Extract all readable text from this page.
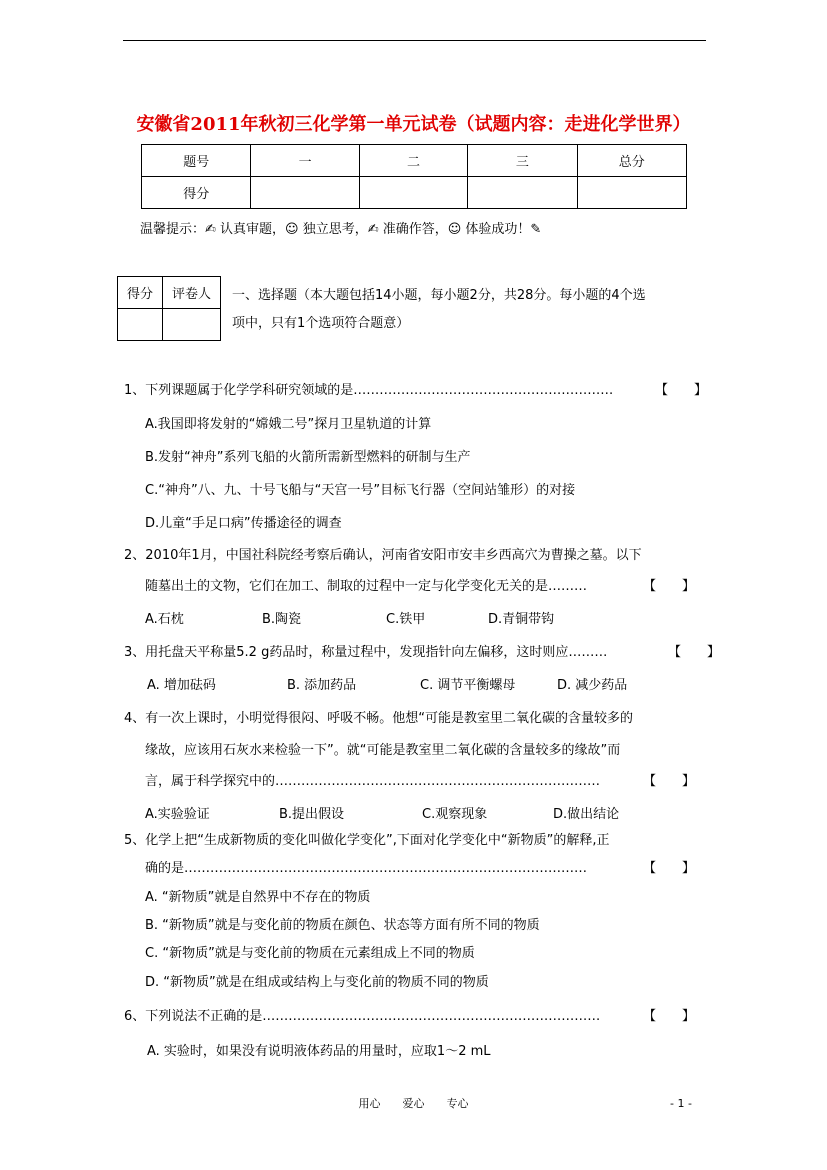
安徽省2011年秋初三化学第一单元试卷（试题内容：走进化学世界）
题号	一	二	三	总分
得分				
温馨提示：✍ 认真审题，☺ 独立思考，✍ 准确作答，☺ 体验成功！✎
得分	评卷人
	一、选择题（本大题包括14小题，每小题2分，共28分。每小题的4个选
项中，只有1个选项符合题意）
1、下列课题属于化学学科研究领域的是……………………………………………………	【　　】
A.我国即将发射的“嫦娥二号”探月卫星轨道的计算
B.发射“神舟”系列飞船的火箭所需新型燃料的研制与生产
C.“神舟”八、九、十号飞船与“天宫一号”目标飞行器（空间站雏形）的对接
D.儿童“手足口病”传播途径的调查
2、2010年1月，中国社科院经考察后确认，河南省安阳市安丰乡西高穴为曹操之墓。以下
随墓出土的文物，它们在加工、制取的过程中一定与化学变化无关的是………	【　　】
A.石枕	B.陶瓷	C.铁甲	D.青铜带钩
3、用托盘天平称量5.2 g药品时，称量过程中，发现指针向左偏移，这时则应………	【　　】
A. 增加砝码	B. 添加药品	C. 调节平衡螺母	D. 减少药品
4、有一次上课时，小明觉得很闷、呼吸不畅。他想“可能是教室里二氧化碳的含量较多的
缘故，应该用石灰水来检验一下”。就“可能是教室里二氧化碳的含量较多的缘故”而
言，属于科学探究中的…………………………………………………………………	【　　】
A.实验验证	B.提出假设	C.观察现象	D.做出结论
5、化学上把“生成新物质的变化叫做化学变化”,下面对化学变化中“新物质”的解释,正
确的是…………………………………………………………………………………	【　　】
A. “新物质”就是自然界中不存在的物质
B. “新物质”就是与变化前的物质在颜色、状态等方面有所不同的物质
C. “新物质”就是与变化前的物质在元素组成上不同的物质
D. “新物质”就是在组成或结构上与变化前的物质不同的物质
6、下列说法不正确的是……………………………………………………………………	【　　】
A. 实验时，如果没有说明液体药品的用量时，应取1～2 mL
用心　　爱心　　专心	- 1 -
